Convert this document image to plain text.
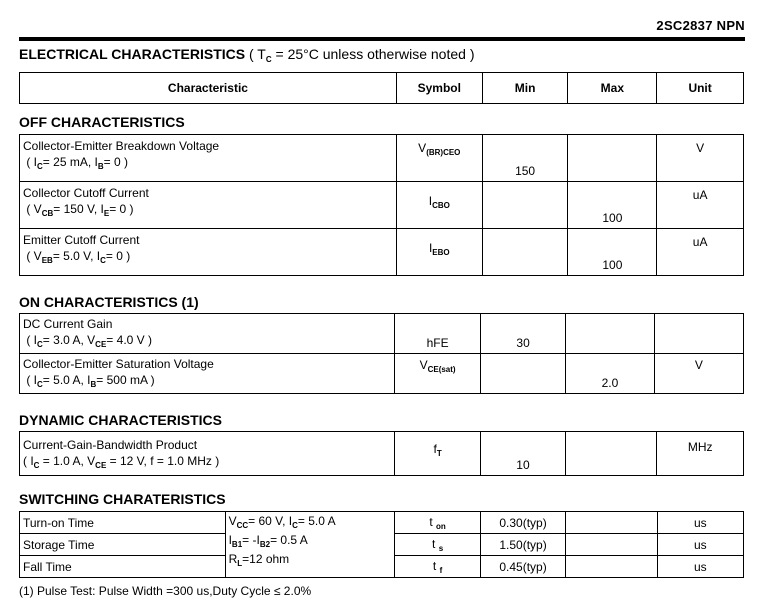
2SC2837 NPN
ELECTRICAL CHARACTERISTICS ( $T_C = 25^\circ C$ unless otherwise noted )
Characteristic	Symbol	Min	Max	Unit
OFF CHARACTERISTICS
Collector-Emitter Breakdown Voltage
( $I_C= 25$ mA, $I_B= 0$ )	$V_{(BR)CEO}$	150		V

Collector Cutoff Current
( $V_{CB}= 150$ V, $I_E= 0$ )	$I_{CBO}$		100	uA

Emitter Cutoff Current
( $V_{EB}= 5.0$ V, $I_C= 0$ )	$I_{EBO}$		100	uA
ON CHARACTERISTICS (1)
DC Current Gain
( $I_C= 3.0$ A, $V_{CE}= 4.0$ V )	hFE	30		

Collector-Emitter Saturation Voltage
( $I_C= 5.0$ A, $I_B= 500$ mA )	$V_{CE(sat)}$		2.0	V
DYNAMIC CHARACTERISTICS
Current-Gain-Bandwidth Product
( $I_C = 1.0$ A, $V_{CE} = 12$ V, f = 1.0 MHz )
	$f_T$	10		MHz
SWITCHING CHARATERISTICS
Turn-on Time	$V_{CC}= 60$ V, $I_C= 5.0$ A
$I_{B1}= -I_{B2}= 0.5$ A
$R_L=12$ ohm	t $_{on}$	0.30(typ)		us
Storage Time		t $_s$	1.50(typ)		us
Fall Time		t $_f$	0.45(typ)		us
(1) Pulse Test: Pulse Width =300 us,Duty Cycle ≤ 2.0%
